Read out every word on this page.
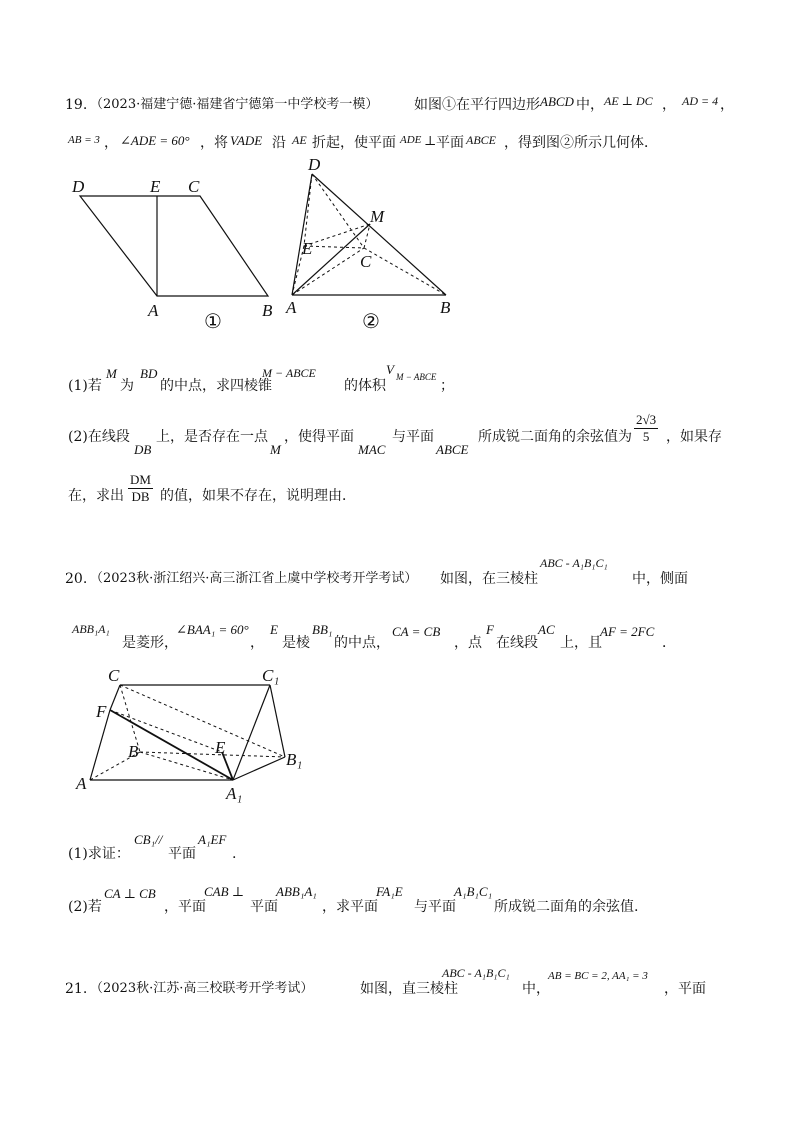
19. （2023·福建宁德·福建省宁德第一中学校考一模）	如图①在平行四边形 ABCD 中， AE ⊥ DC ， AD = 4 ，
AB = 3 ， ∠ADE = 60° ，将 VADE 沿 AE 折起，使平面 ADE ⊥ 平面 ABCE ，得到图②所示几何体．
D	E C
A	B
①
D
M
E
C
A	B
②
(1)若
M
为
BD
的中点，求四棱锥
M − ABCE
的体积
V M − ABCE
；
(2)在线段
DB
上，是否存在一点
M
，使得平面
MAC
与平面
ABCE
所成锐二面角的余弦值为 $\frac{2√3}{5}$ ，如果存
在，求出 $\frac{DM}{DB}$ 的值，如果不存在，说明理由．
20. （2023秋·浙江绍兴·高三浙江省上虞中学校考开学考试） 如图，在三棱柱
ABC - A₁B₁C₁
中，侧面
ABB₁A₁
是菱形，
∠BAA₁ = 60°
，
E
是棱
BB₁
的中点，
CA = CB
，点
F
在线段
AC
上，且
AF = 2FC
．
C	C₁
F
B	E
B₁
A
A₁
(1)求证：
CB₁//
平面
A₁EF
.
(2)若
CA ⊥ CB
，平面
CAB ⊥
平面
ABB₁A₁
，求平面
FA₁E
与平面
A₁B₁C₁
所成锐二面角的余弦值.
21. （2023秋·江苏·高三校联考开学考试）	如图，直三棱柱
ABC - A₁B₁C₁
中，
AB = BC = 2, AA₁ = 3
，平面
